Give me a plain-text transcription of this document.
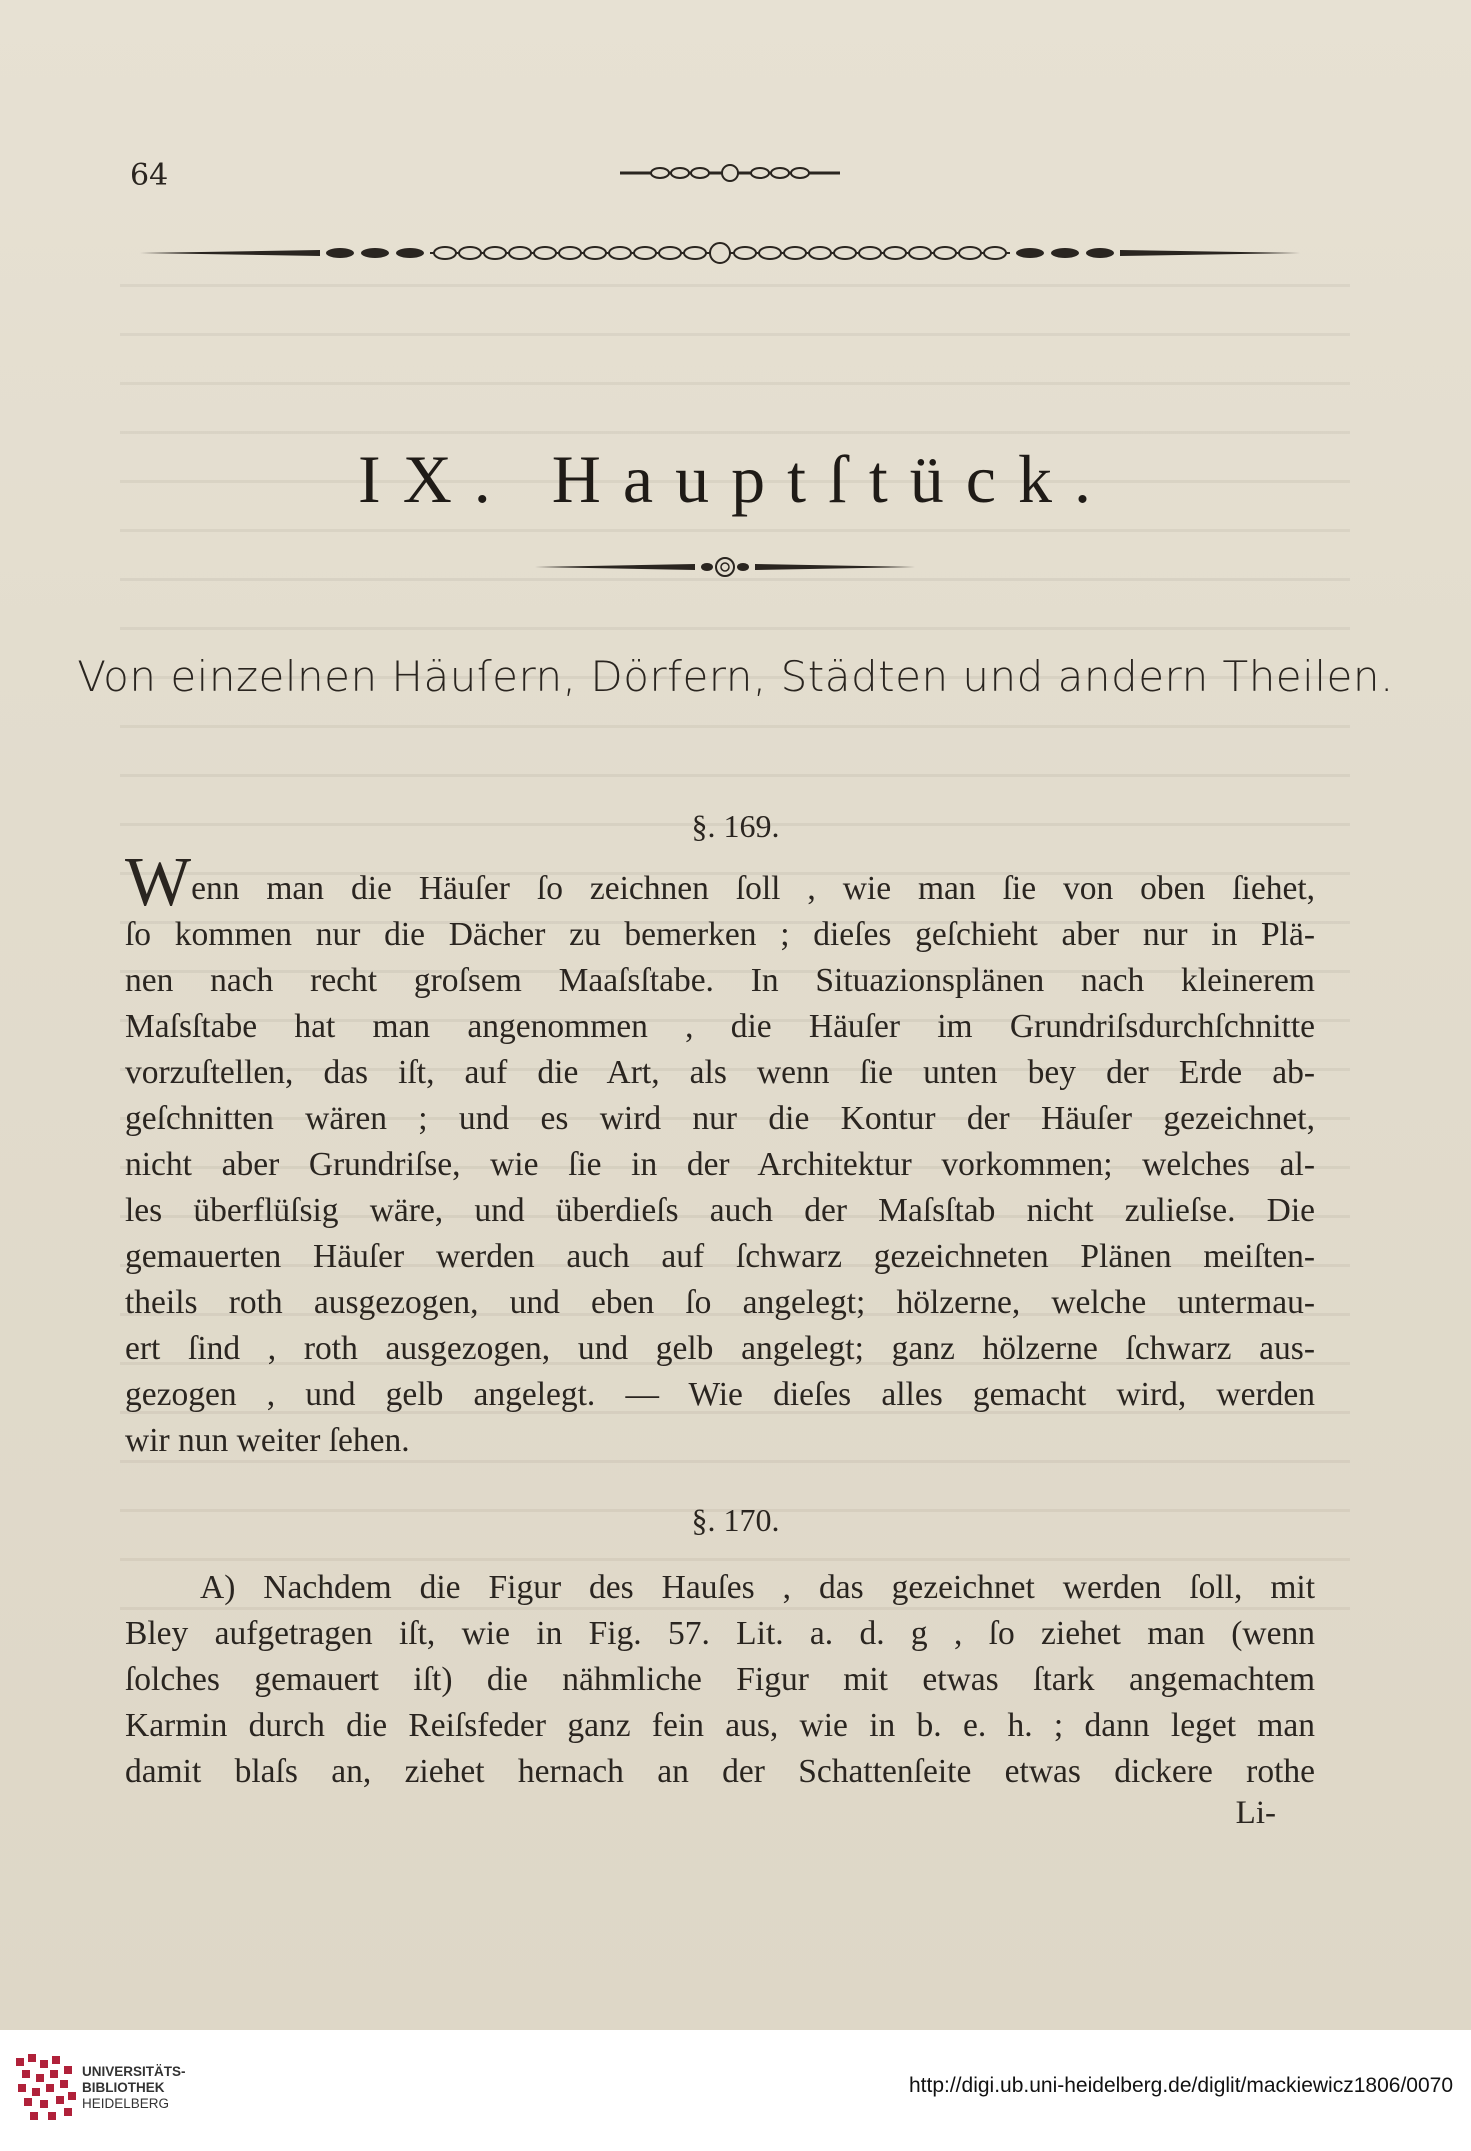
64
IX. Hauptſtück.
Von einzelnen Häuſern, Dörfern, Städten und andern Theilen.
§. 169.
Wenn man die Häuſer ſo zeichnen ſoll , wie man ſie von oben ſiehet,
ſo kommen nur die Dächer zu bemerken ; dieſes geſchieht aber nur in Plä-
nen nach recht groſsem Maaſsſtabe. In Situazionsplänen nach kleinerem
Maſsſtabe hat man angenommen , die Häuſer im Grundriſsdurchſchnitte
vorzuſtellen, das iſt, auf die Art, als wenn ſie unten bey der Erde ab-
geſchnitten wären ; und es wird nur die Kontur der Häuſer gezeichnet,
nicht aber Grundriſse, wie ſie in der Architektur vorkommen; welches al-
les überflüſsig wäre, und überdieſs auch der Maſsſtab nicht zulieſse. Die
gemauerten Häuſer werden auch auf ſchwarz gezeichneten Plänen meiſten-
theils roth ausgezogen, und eben ſo angelegt; hölzerne, welche untermau-
ert ſind , roth ausgezogen, und gelb angelegt; ganz hölzerne ſchwarz aus-
gezogen , und gelb angelegt. — Wie dieſes alles gemacht wird, werden
wir nun weiter ſehen.
§. 170.
A) Nachdem die Figur des Hauſes , das gezeichnet werden ſoll, mit
Bley aufgetragen iſt, wie in Fig. 57. Lit. a. d. g , ſo ziehet man (wenn
ſolches gemauert iſt) die nähmliche Figur mit etwas ſtark angemachtem
Karmin durch die Reiſsfeder ganz fein aus, wie in b. e. h. ; dann leget man
damit blaſs an, ziehet hernach an der Schattenſeite etwas dickere rothe
Li-
UNIVERSITÄTS-
BIBLIOTHEK
HEIDELBERG
http://digi.ub.uni-heidelberg.de/diglit/mackiewicz1806/0070
